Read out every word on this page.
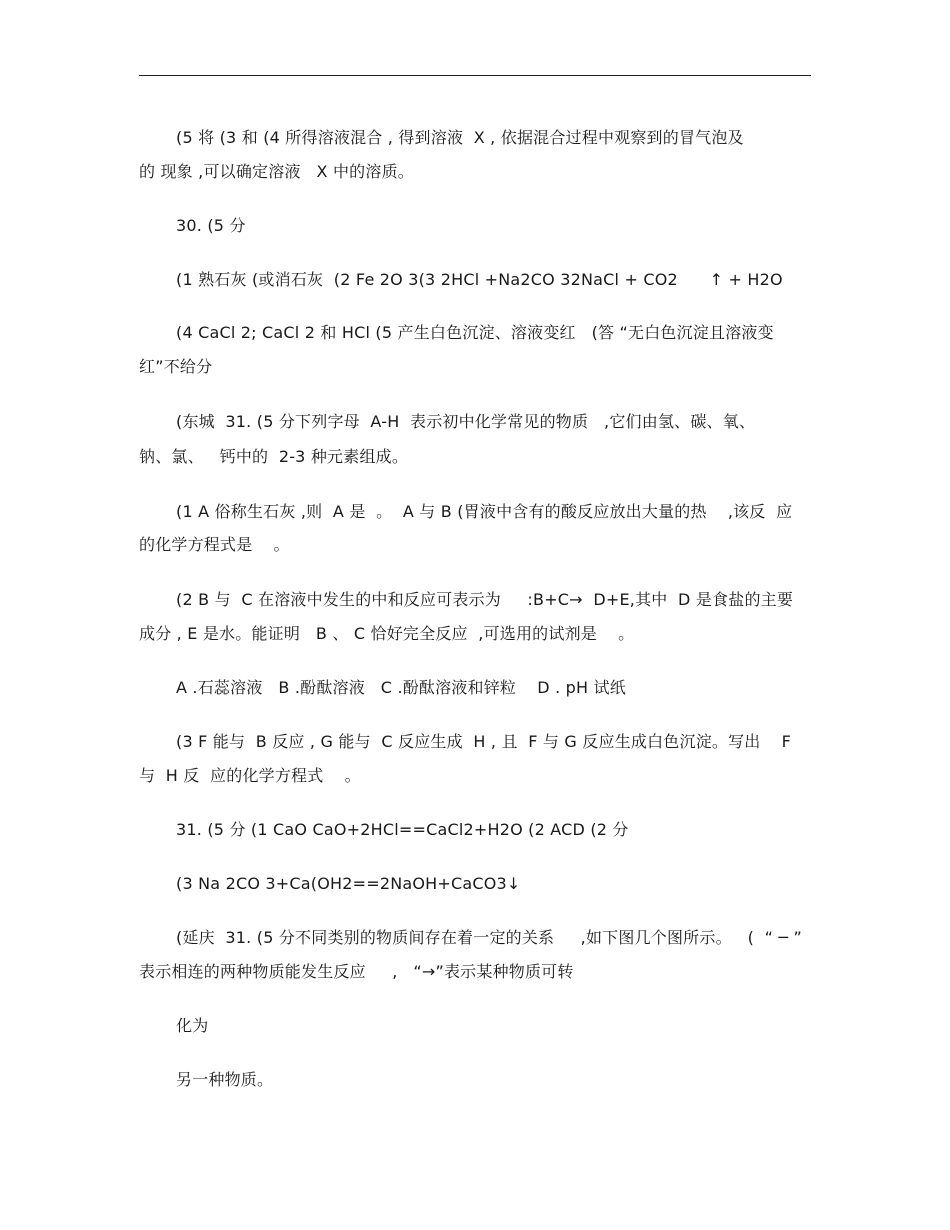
(5 将 (3 和 (4 所得溶液混合 , 得到溶液  X , 依据混合过程中观察到的冒气泡及
的 现象 ,可以确定溶液   X 中的溶质。
30. (5 分
(1 熟石灰 (或消石灰  (2 Fe 2O 3(3 2HCl +Na2CO 32NaCl + CO2      ↑ + H2O
(4 CaCl 2; CaCl 2 和 HCl (5 产生白色沉淀、溶液变红   (答 “无白色沉淀且溶液变
红”不给分
(东城  31. (5 分下列字母  A-H  表示初中化学常见的物质   ,它们由氢、碳、氧、
钠、氯、   钙中的  2-3 种元素组成。
(1 A 俗称生石灰 ,则  A 是  。  A 与 B (胃液中含有的酸反应放出大量的热    ,该反  应
的化学方程式是    。
(2 B 与  C 在溶液中发生的中和反应可表示为     :B+C→  D+E,其中  D 是食盐的主要
成分 , E 是水。能证明   B 、 C 恰好完全反应  ,可选用的试剂是    。
A .石蕊溶液   B .酚酞溶液   C .酚酞溶液和锌粒    D . pH 试纸
(3 F 能与  B 反应 , G 能与  C 反应生成  H , 且  F 与 G 反应生成白色沉淀。写出    F
与  H 反  应的化学方程式    。
31. (5 分 (1 CaO CaO+2HCl==CaCl2+H2O (2 ACD (2 分
(3 Na 2CO 3+Ca(OH2==2NaOH+CaCO3↓
(延庆  31. (5 分不同类别的物质间存在着一定的关系     ,如下图几个图所示。   (  “ ─ ”
表示相连的两种物质能发生反应     ,   “→”表示某种物质可转
化为
另一种物质。
